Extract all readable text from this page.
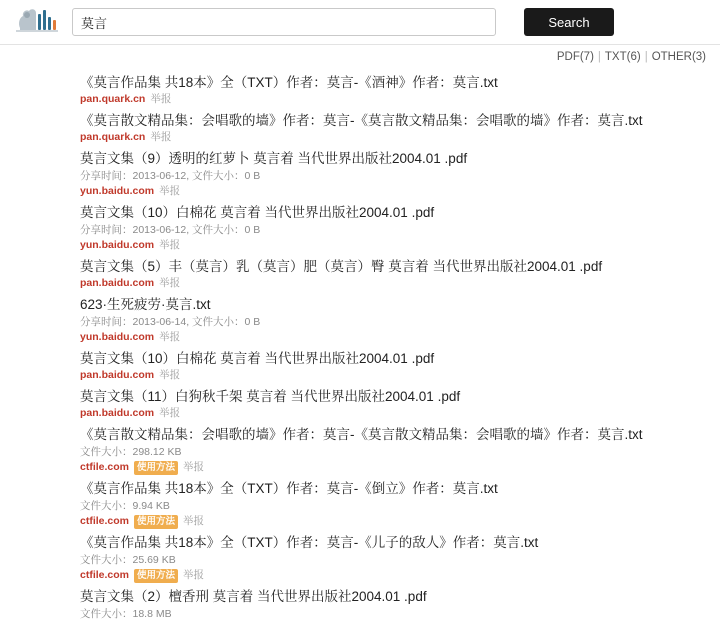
莫言
Search
PDF(7) | TXT(6) | OTHER(3)
《莫言作品集 共18本》全（TXT）作者：莫言-《酒神》作者：莫言.txt
pan.quark.cn 举报
《莫言散文精品集：会唱歌的墙》作者：莫言-《莫言散文精品集：会唱歌的墙》作者：莫言.txt
pan.quark.cn 举报
莫言文集（9）透明的红萝卜 莫言着 当代世界出版社2004.01 .pdf
分享时间：2013-06-12, 文件大小：0 B
yun.baidu.com 举报
莫言文集（10）白棉花 莫言着 当代世界出版社2004.01 .pdf
分享时间：2013-06-12, 文件大小：0 B
yun.baidu.com 举报
莫言文集（5）丰（莫言）乳（莫言）肥（莫言）臀 莫言着 当代世界出版社2004.01 .pdf
pan.baidu.com 举报
623·生死疲劳·莫言.txt
分享时间：2013-06-14, 文件大小：0 B
yun.baidu.com 举报
莫言文集（10）白棉花 莫言着 当代世界出版社2004.01 .pdf
pan.baidu.com 举报
莫言文集（11）白狗秋千架 莫言着 当代世界出版社2004.01 .pdf
pan.baidu.com 举报
《莫言散文精品集：会唱歌的墙》作者：莫言-《莫言散文精品集：会唱歌的墙》作者：莫言.txt
文件大小：298.12 KB
ctfile.com 使用方法 举报
《莫言作品集 共18本》全（TXT）作者：莫言-《倒立》作者：莫言.txt
文件大小：9.94 KB
ctfile.com 使用方法 举报
《莫言作品集 共18本》全（TXT）作者：莫言-《儿子的敌人》作者：莫言.txt
文件大小：25.69 KB
ctfile.com 使用方法 举报
莫言文集（2）檀香刑 莫言着 当代世界出版社2004.01 .pdf
文件大小：18.8 MB
